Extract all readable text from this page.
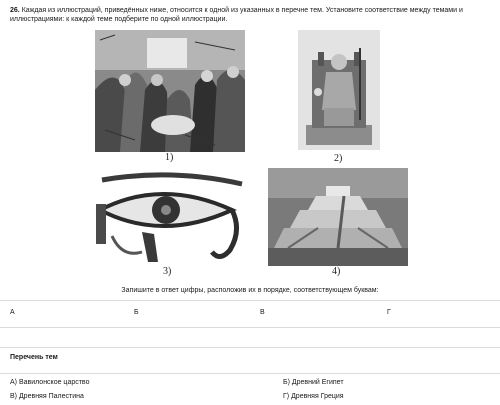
26. Каждая из иллюстраций, приведённых ниже, относится к одной из указанных в перечне тем. Установите соответствие между темами и иллюстрациями: к каждой теме подберите по одной иллюстрации.
1)	2)
3)	4)
Запишите в ответ цифры, расположив их в порядке, соответствующем буквам:
А	Б	В	Г
Перечень тем
А) Вавилонское царство	Б) Древний Египет
В) Древняя Палестина	Г) Древняя Греция
